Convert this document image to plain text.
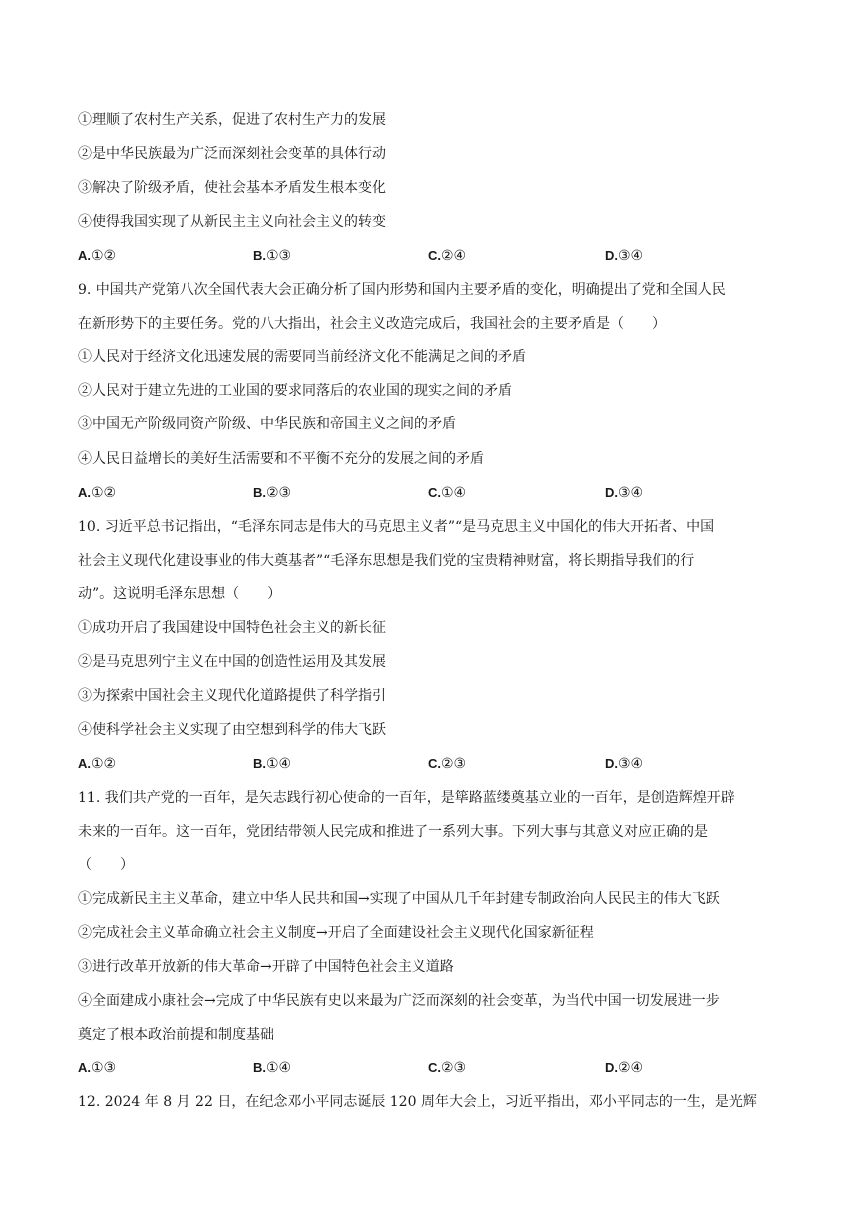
①理顺了农村生产关系，促进了农村生产力的发展
②是中华民族最为广泛而深刻社会变革的具体行动
③解决了阶级矛盾，使社会基本矛盾发生根本变化
④使得我国实现了从新民主主义向社会主义的转变
A.①②	B.①③	C.②④	D.③④
9. 中国共产党第八次全国代表大会正确分析了国内形势和国内主要矛盾的变化，明确提出了党和全国人民
在新形势下的主要任务。党的八大指出，社会主义改造完成后，我国社会的主要矛盾是（　　）
①人民对于经济文化迅速发展的需要同当前经济文化不能满足之间的矛盾
②人民对于建立先进的工业国的要求同落后的农业国的现实之间的矛盾
③中国无产阶级同资产阶级、中华民族和帝国主义之间的矛盾
④人民日益增长的美好生活需要和不平衡不充分的发展之间的矛盾
A.①②	B.②③	C.①④	D.③④
10. 习近平总书记指出，“毛泽东同志是伟大的马克思主义者”“是马克思主义中国化的伟大开拓者、中国
社会主义现代化建设事业的伟大奠基者”“毛泽东思想是我们党的宝贵精神财富，将长期指导我们的行
动”。这说明毛泽东思想（　　）
①成功开启了我国建设中国特色社会主义的新长征
②是马克思列宁主义在中国的创造性运用及其发展
③为探索中国社会主义现代化道路提供了科学指引
④使科学社会主义实现了由空想到科学的伟大飞跃
A.①②	B.①④	C.②③	D.③④
11. 我们共产党的一百年，是矢志践行初心使命的一百年，是筚路蓝缕奠基立业的一百年，是创造辉煌开辟
未来的一百年。这一百年，党团结带领人民完成和推进了一系列大事。下列大事与其意义对应正确的是
（　　）
①完成新民主主义革命，建立中华人民共和国→实现了中国从几千年封建专制政治向人民民主的伟大飞跃
②完成社会主义革命确立社会主义制度→开启了全面建设社会主义现代化国家新征程
③进行改革开放新的伟大革命→开辟了中国特色社会主义道路
④全面建成小康社会→完成了中华民族有史以来最为广泛而深刻的社会变革，为当代中国一切发展进一步
奠定了根本政治前提和制度基础
A.①③	B.①④	C.②③	D.②④
12. 2024 年 8 月 22 日，在纪念邓小平同志诞辰 120 周年大会上，习近平指出，邓小平同志的一生，是光辉
